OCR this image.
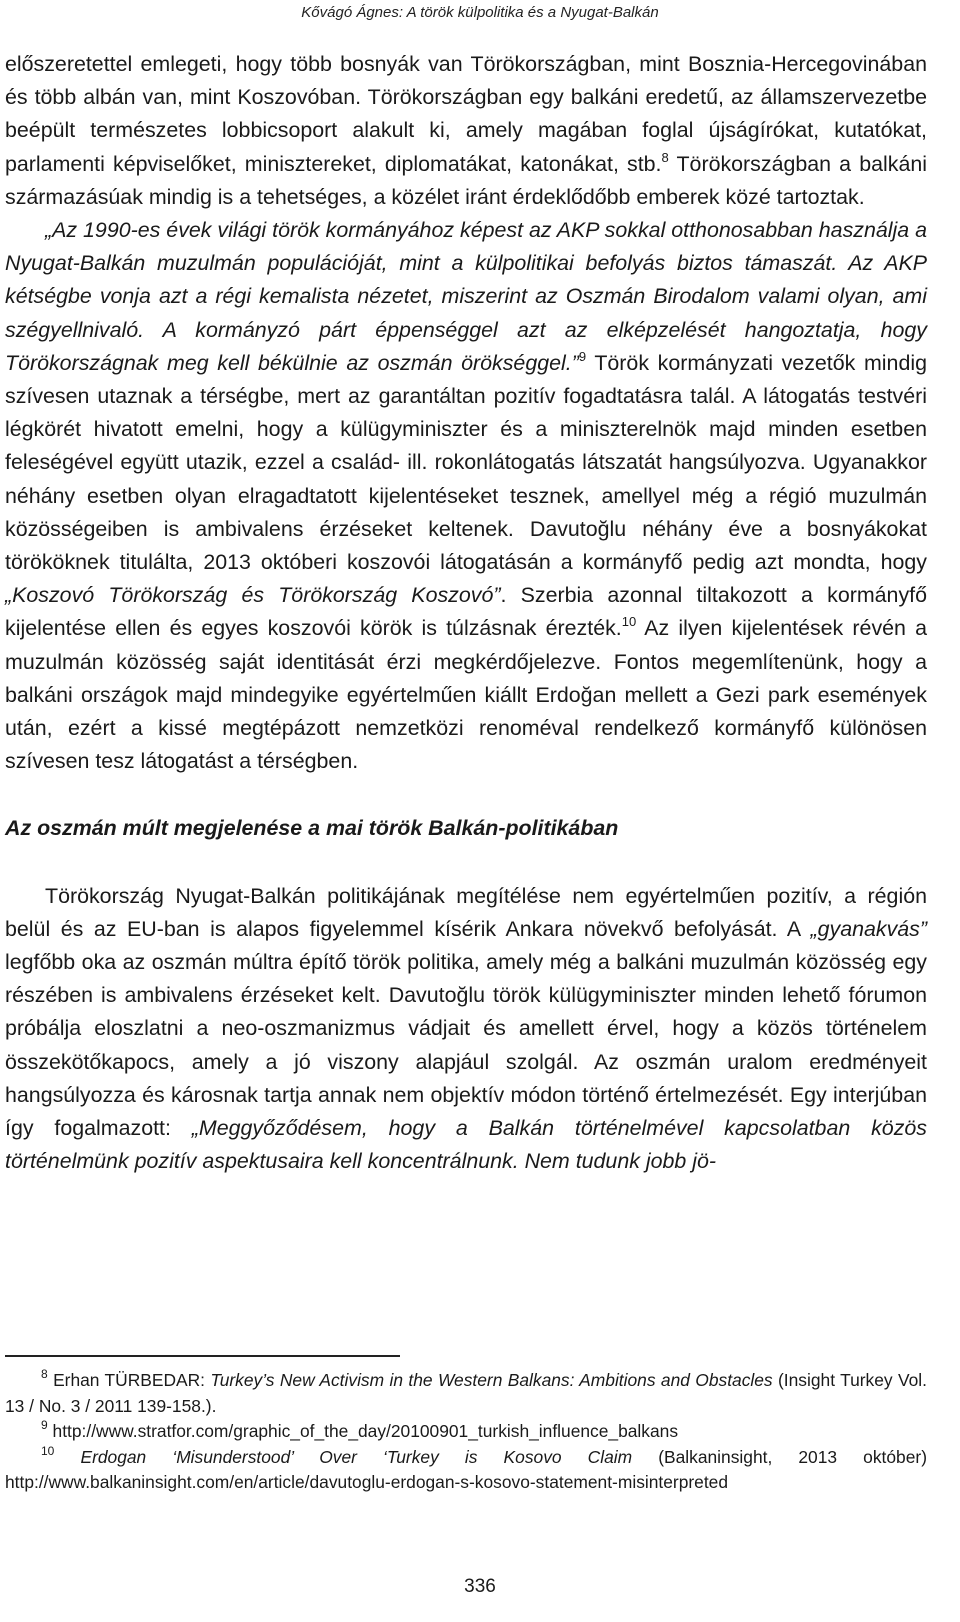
Kővágó Ágnes: A török külpolitika és a Nyugat-Balkán

előszeretettel emlegeti, hogy több bosnyák van Törökországban, mint Bosznia-Hercegovinában és több albán van, mint Koszovóban. Törökországban egy balkáni eredetű, az államszervezetbe beépült természetes lobbicsoport alakult ki, amely magában foglal újságírókat, kutatókat, parlamenti képviselőket, minisztereket, diplomatákat, katonákat, stb.$^8$ Törökországban a balkáni származásúak mindig is a tehetséges, a közélet iránt érdeklődőbb emberek közé tartoztak.

„Az 1990-es évek világi török kormányához képest az AKP sokkal otthonosabban használja a Nyugat-Balkán muzulmán populációját, mint a külpolitikai befolyás biztos támaszát. Az AKP kétségbe vonja azt a régi kemalista nézetet, miszerint az Oszmán Birodalom valami olyan, ami szégyellnivaló. A kormányzó párt éppenséggel azt az elképzelését hangoztatja, hogy Törökországnak meg kell békülnie az oszmán örökséggel.”$^9$ Török kormányzati vezetők mindig szívesen utaznak a térségbe, mert az garantáltan pozitív fogadtatásra talál. A látogatás testvéri légkörét hivatott emelni, hogy a külügyminiszter és a miniszterelnök majd minden esetben feleségével együtt utazik, ezzel a család- ill. rokonlátogatás látszatát hangsúlyozva. Ugyanakkor néhány esetben olyan elragadtatott kijelentéseket tesznek, amellyel még a régió muzulmán közösségeiben is ambivalens érzéseket keltenek. Davutoğlu néhány éve a bosnyákokat törököknek titulálta, 2013 októberi koszovói látogatásán a kormányfő pedig azt mondta, hogy „Koszovó Törökország és Törökország Koszovó”. Szerbia azonnal tiltakozott a kormányfő kijelentése ellen és egyes koszovói körök is túlzásnak érezték.$^{10}$ Az ilyen kijelentések révén a muzulmán közösség saját identitását érzi megkérdőjelezve. Fontos megemlítenünk, hogy a balkáni országok majd mindegyike egyértelműen kiállt Erdoğan mellett a Gezi park események után, ezért a kissé megtépázott nemzetközi renoméval rendelkező kormányfő különösen szívesen tesz látogatást a térségben.

Az oszmán múlt megjelenése a mai török Balkán-politikában

Törökország Nyugat-Balkán politikájának megítélése nem egyértelműen pozitív, a régión belül és az EU-ban is alapos figyelemmel kísérik Ankara növekvő befolyását. A „gyanakvás” legfőbb oka az oszmán múltra építő török politika, amely még a balkáni muzulmán közösség egy részében is ambivalens érzéseket kelt. Davutoğlu török külügyminiszter minden lehető fórumon próbálja eloszlatni a neo-oszmanizmus vádjait és amellett érvel, hogy a közös történelem összekötőkapocs, amely a jó viszony alapjául szolgál. Az oszmán uralom eredményeit hangsúlyozza és károsnak tartja annak nem objektív módon történő értelmezését. Egy interjúban így fogalmazott: „Meggyőződésem, hogy a Balkán történelmével kapcsolatban közös történelmünk pozitív aspektusaira kell koncentrálnunk. Nem tudunk jobb jö-

$^8$ Erhan TÜRBEDAR: Turkey’s New Activism in the Western Balkans: Ambitions and Obstacles (Insight Turkey Vol. 13 / No. 3 / 2011 139-158.).

$^9$ http://www.stratfor.com/graphic_of_the_day/20100901_turkish_influence_balkans

$^{10}$ Erdogan ‘Misunderstood’ Over ‘Turkey is Kosovo Claim (Balkaninsight, 2013 október) http://www.balkaninsight.com/en/article/davutoglu-erdogan-s-kosovo-statement-misinterpreted

336
